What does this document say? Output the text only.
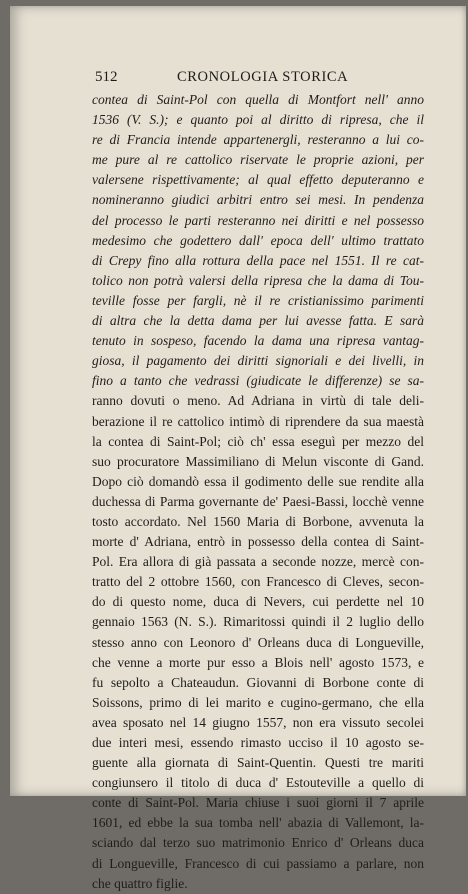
512	CRONOLOGIA STORICA
contea di Saint-Pol con quella di Montfort nell' anno
1536 (V. S.); e quanto poi al diritto di ripresa, che il
re di Francia intende appartenergli, resteranno a lui co-
me pure al re cattolico riservate le proprie azioni, per
valersene rispettivamente; al qual effetto deputeranno e
nomineranno giudici arbitri entro sei mesi. In pendenza
del processo le parti resteranno nei diritti e nel possesso
medesimo che godettero dall' epoca dell' ultimo trattato
di Crepy fino alla rottura della pace nel 1551. Il re cat-
tolico non potrà valersi della ripresa che la dama di Tou-
teville fosse per fargli, nè il re cristianissimo parimenti
di altra che la detta dama per lui avesse fatta. E sarà
tenuto in sospeso, facendo la dama una ripresa vantag-
giosa, il pagamento dei diritti signoriali e dei livelli, in
fino a tanto che vedrassi (giudicate le differenze) se sa-
ranno dovuti o meno. Ad Adriana in virtù di tale deli-
berazione il re cattolico intimò di riprendere da sua maestà
la contea di Saint-Pol; ciò ch' essa eseguì per mezzo del
suo procuratore Massimiliano di Melun visconte di Gand.
Dopo ciò domandò essa il godimento delle sue rendite alla
duchessa di Parma governante de' Paesi-Bassi, locchè venne
tosto accordato. Nel 1560 Maria di Borbone, avvenuta la
morte d' Adriana, entrò in possesso della contea di Saint-
Pol. Era allora di già passata a seconde nozze, mercè con-
tratto del 2 ottobre 1560, con Francesco di Cleves, secon-
do di questo nome, duca di Nevers, cui perdette nel 10
gennaio 1563 (N. S.). Rimaritossi quindi il 2 luglio dello
stesso anno con Leonoro d' Orleans duca di Longueville,
che venne a morte pur esso a Blois nell' agosto 1573, e
fu sepolto a Chateaudun. Giovanni di Borbone conte di
Soissons, primo di lei marito e cugino-germano, che ella
avea sposato nel 14 giugno 1557, non era vissuto secolei
due interi mesi, essendo rimasto ucciso il 10 agosto se-
guente alla giornata di Saint-Quentin. Questi tre mariti
congiunsero il titolo di duca d' Estouteville a quello di
conte di Saint-Pol. Maria chiuse i suoi giorni il 7 aprile
1601, ed ebbe la sua tomba nell' abazia di Vallemont, la-
sciando dal terzo suo matrimonio Enrico d' Orleans duca
di Longueville, Francesco di cui passiamo a parlare, non
che quattro figlie.
